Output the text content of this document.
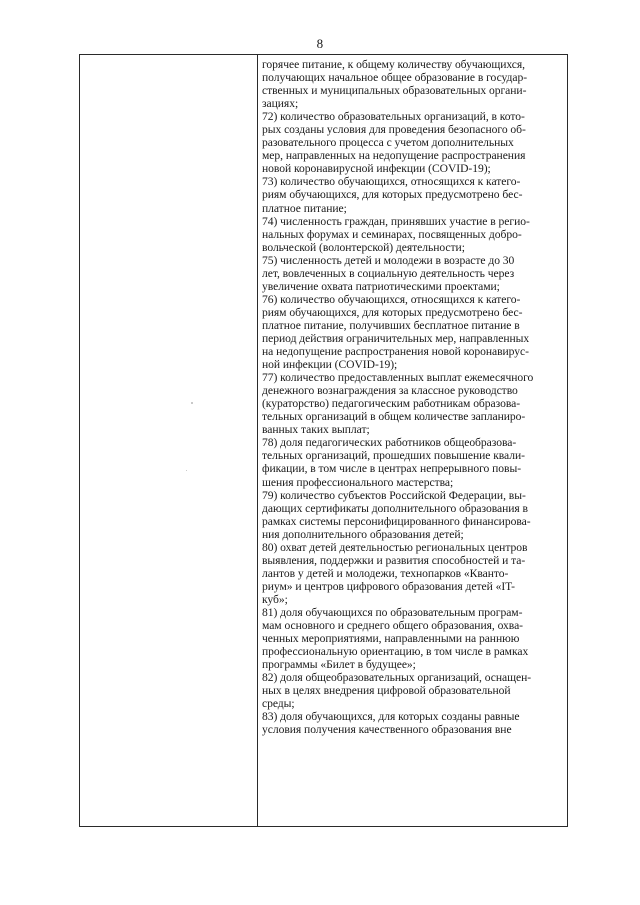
8
горячее питание, к общему количеству обучающихся,
получающих начальное общее образование в государ-
ственных и муниципальных образовательных органи-
зациях;
72) количество образовательных организаций, в кото-
рых созданы условия для проведения безопасного об-
разовательного процесса с учетом дополнительных
мер, направленных на недопущение распространения
новой коронавирусной инфекции (COVID-19);
73) количество обучающихся, относящихся к катего-
риям обучающихся, для которых предусмотрено бес-
платное питание;
74) численность граждан, принявших участие в регио-
нальных форумах и семинарах, посвященных добро-
вольческой (волонтерской) деятельности;
75) численность детей и молодежи в возрасте до 30
лет, вовлеченных в социальную деятельность через
увеличение охвата патриотическими проектами;
76) количество обучающихся, относящихся к катего-
риям обучающихся, для которых предусмотрено бес-
платное питание, получивших бесплатное питание в
период действия ограничительных мер, направленных
на недопущение распространения новой коронавирус-
ной инфекции (COVID-19);
77) количество предоставленных выплат ежемесячного
денежного вознаграждения за классное руководство
(кураторство) педагогическим работникам образова-
тельных организаций в общем количестве запланиро-
ванных таких выплат;
78) доля педагогических работников общеобразова-
тельных организаций, прошедших повышение квали-
фикации, в том числе в центрах непрерывного повы-
шения профессионального мастерства;
79) количество субъектов Российской Федерации, вы-
дающих сертификаты дополнительного образования в
рамках системы персонифицированного финансирова-
ния дополнительного образования детей;
80) охват детей деятельностью региональных центров
выявления, поддержки и развития способностей и та-
лантов у детей и молодежи, технопарков «Кванто-
риум» и центров цифрового образования детей «IT-
куб»;
81) доля обучающихся по образовательным програм-
мам основного и среднего общего образования, охва-
ченных мероприятиями, направленными на раннюю
профессиональную ориентацию, в том числе в рамках
программы «Билет в будущее»;
82) доля общеобразовательных организаций, оснащен-
ных в целях внедрения цифровой образовательной
среды;
83) доля обучающихся, для которых созданы равные
условия получения качественного образования вне
